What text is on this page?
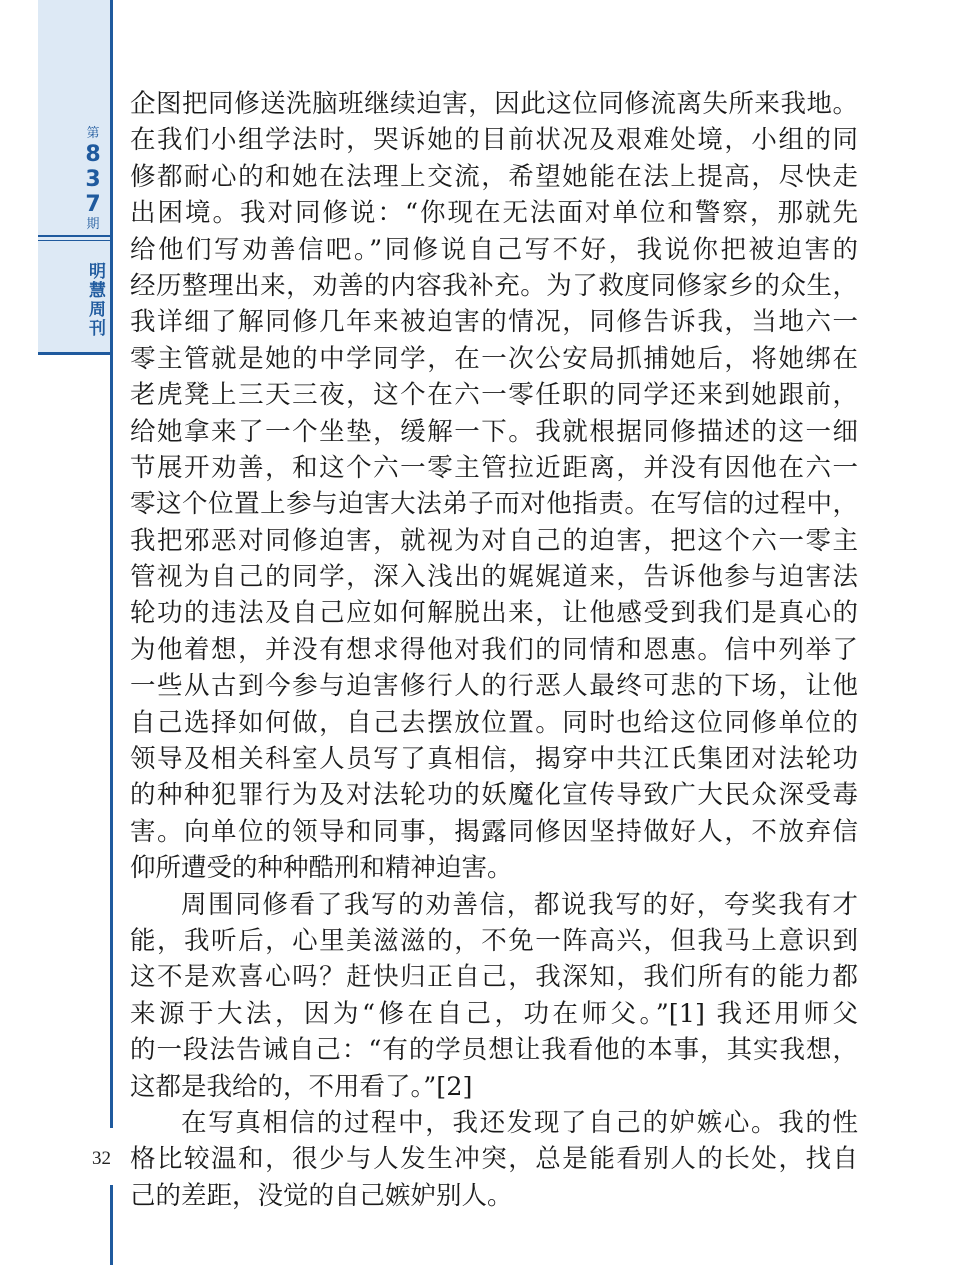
第
8
3
7
期
明慧周刊
32
企图把同修送洗脑班继续迫害，因此这位同修流离失所来我地。
在我们小组学法时，哭诉她的目前状况及艰难处境，小组的同
修都耐心的和她在法理上交流，希望她能在法上提高，尽快走
出困境。我对同修说：“你现在无法面对单位和警察，那就先
给他们写劝善信吧。”同修说自己写不好，我说你把被迫害的
经历整理出来，劝善的内容我补充。为了救度同修家乡的众生，
我详细了解同修几年来被迫害的情况，同修告诉我，当地六一
零主管就是她的中学同学，在一次公安局抓捕她后，将她绑在
老虎凳上三天三夜，这个在六一零任职的同学还来到她跟前，
给她拿来了一个坐垫，缓解一下。我就根据同修描述的这一细
节展开劝善，和这个六一零主管拉近距离，并没有因他在六一
零这个位置上参与迫害大法弟子而对他指责。在写信的过程中，
我把邪恶对同修迫害，就视为对自己的迫害，把这个六一零主
管视为自己的同学，深入浅出的娓娓道来，告诉他参与迫害法
轮功的违法及自己应如何解脱出来，让他感受到我们是真心的
为他着想，并没有想求得他对我们的同情和恩惠。信中列举了
一些从古到今参与迫害修行人的行恶人最终可悲的下场，让他
自己选择如何做，自己去摆放位置。同时也给这位同修单位的
领导及相关科室人员写了真相信，揭穿中共江氏集团对法轮功
的种种犯罪行为及对法轮功的妖魔化宣传导致广大民众深受毒
害。向单位的领导和同事，揭露同修因坚持做好人，不放弃信
仰所遭受的种种酷刑和精神迫害。
周围同修看了我写的劝善信，都说我写的好，夸奖我有才
能，我听后，心里美滋滋的，不免一阵高兴，但我马上意识到
这不是欢喜心吗？赶快归正自己，我深知，我们所有的能力都
来源于大法，因为“修在自己，功在师父。”[1] 我还用师父
的一段法告诫自己：“有的学员想让我看他的本事，其实我想，
这都是我给的，不用看了。”[2]
在写真相信的过程中，我还发现了自己的妒嫉心。我的性
格比较温和，很少与人发生冲突，总是能看别人的长处，找自
己的差距，没觉的自己嫉妒别人。
